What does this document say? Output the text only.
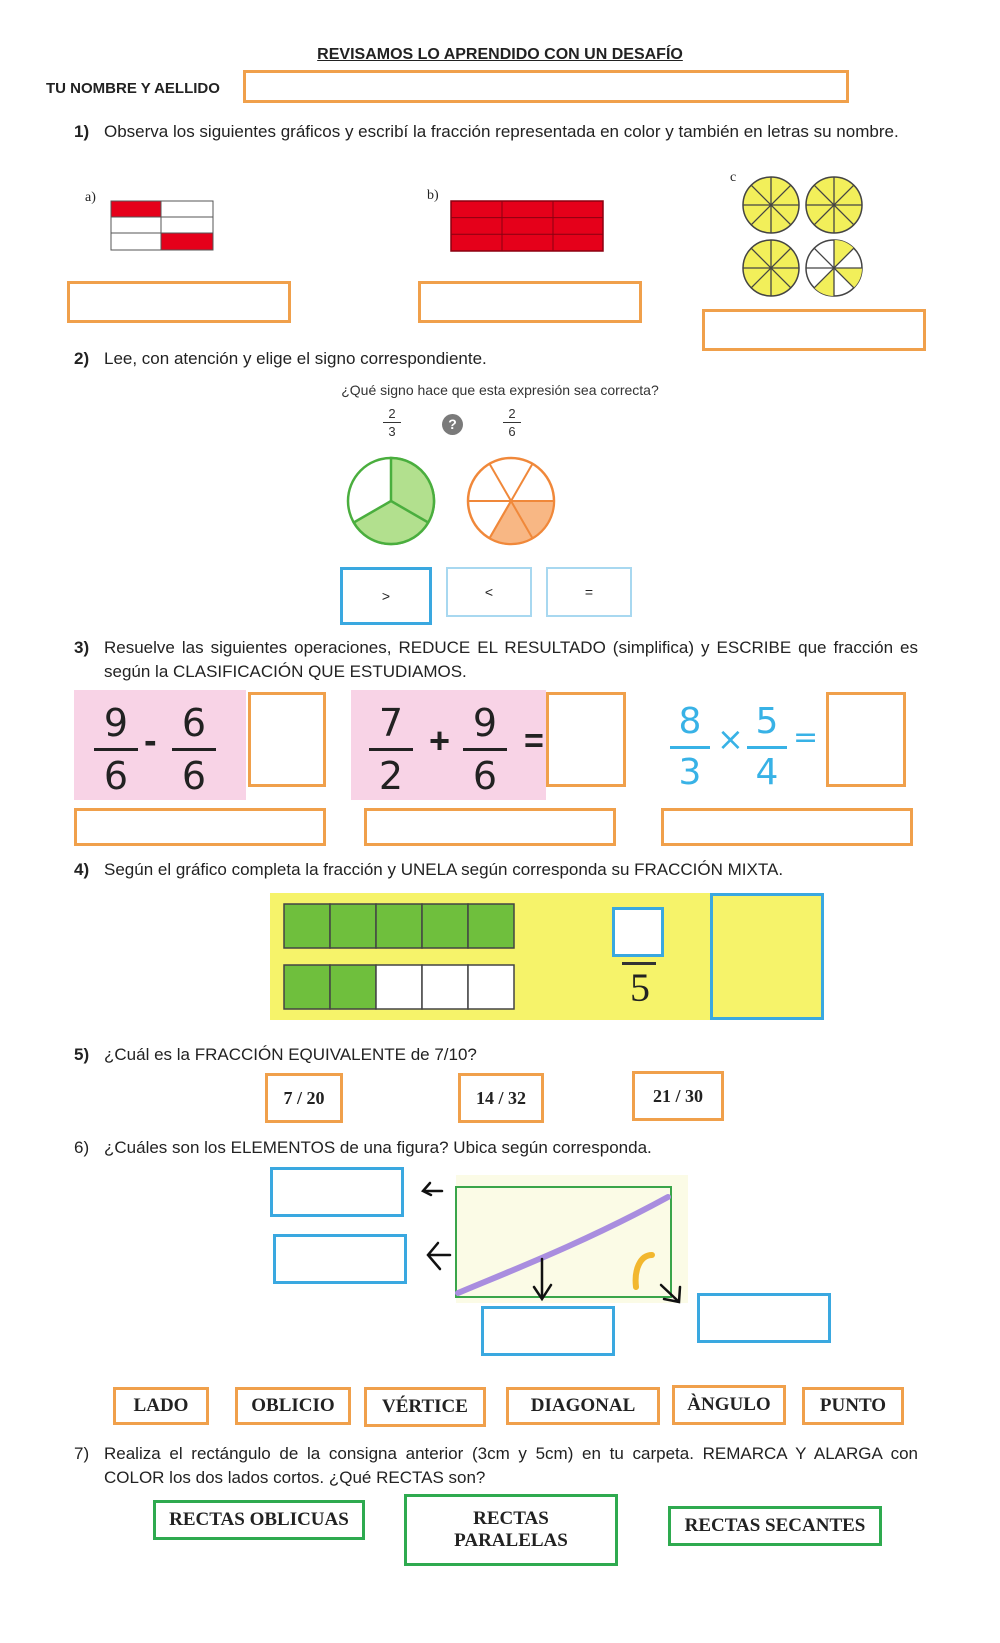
REVISAMOS LO APRENDIDO CON UN DESAFÍO
TU NOMBRE Y AELLIDO
1) Observa los siguientes gráficos y escribí la fracción representada en color y también en letras su nombre.
a)	b)
c
2) Lee, con atención y elige el signo correspondiente.
¿Qué signo hace que esta expresión sea correcta?
2
3	?
2
6
>	<	=
3) Resuelve las siguientes operaciones, REDUCE EL RESULTADO (simplifica) y ESCRIBE que fracción es según la CLASIFICACIÓN QUE ESTUDIAMOS.
9
6
- 6
6
7
2
+ 9
6
=	8
3
× 5
4
=
4) Según el gráfico completa la fracción y UNELA según corresponda su FRACCIÓN MIXTA.
5
5) ¿Cuál es la FRACCIÓN EQUIVALENTE de 7/10?
7 / 20	14 / 32	21 / 30
6) ¿Cuáles son los ELEMENTOS de una figura? Ubica según corresponda.
LADO	OBLICIO	VÉRTICE	DIAGONAL	ÀNGULO	PUNTO
7) Realiza el rectángulo de la consigna anterior (3cm y 5cm) en tu carpeta. REMARCA Y ALARGA con COLOR los dos lados cortos. ¿Qué RECTAS son?
RECTAS OBLICUAS	RECTAS PARALELAS
RECTAS SECANTES
